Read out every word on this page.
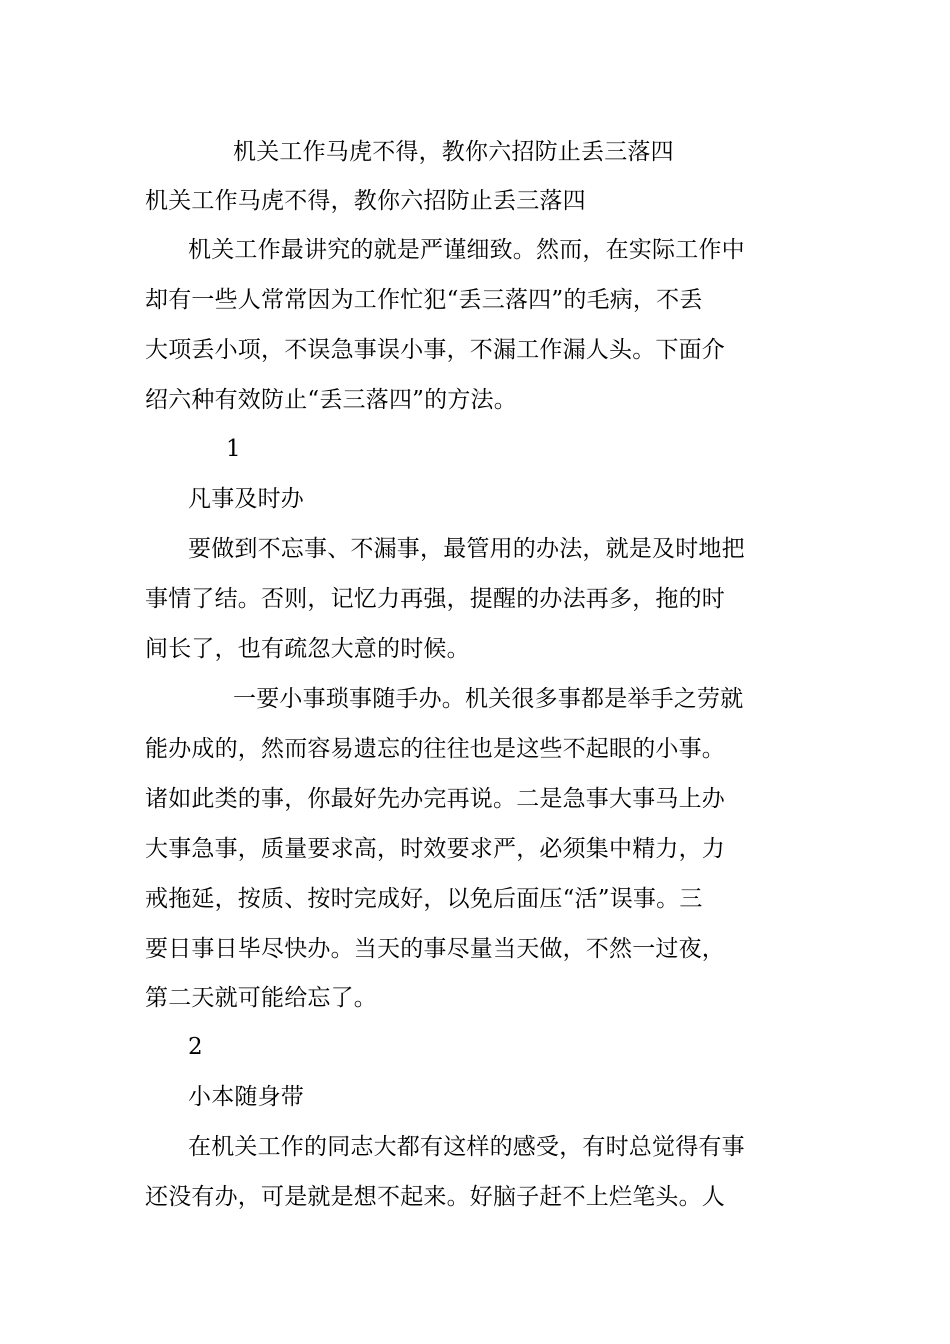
机关工作马虎不得，教你六招防止丢三落四
机关工作马虎不得，教你六招防止丢三落四
机关工作最讲究的就是严谨细致。然而，在实际工作中
却有一些人常常因为工作忙犯“丢三落四”的毛病，不丢
大项丢小项，不误急事误小事，不漏工作漏人头。下面介
绍六种有效防止“丢三落四”的方法。
1
凡事及时办
要做到不忘事、不漏事，最管用的办法，就是及时地把
事情了结。否则，记忆力再强，提醒的办法再多，拖的时
间长了，也有疏忽大意的时候。
一要小事琐事随手办。机关很多事都是举手之劳就
能办成的，然而容易遗忘的往往也是这些不起眼的小事。
诸如此类的事，你最好先办完再说。二是急事大事马上办
大事急事，质量要求高，时效要求严，必须集中精力，力
戒拖延，按质、按时完成好，以免后面压“活”误事。三
要日事日毕尽快办。当天的事尽量当天做，不然一过夜，
第二天就可能给忘了。
2
小本随身带
在机关工作的同志大都有这样的感受，有时总觉得有事
还没有办，可是就是想不起来。好脑子赶不上烂笔头。人
